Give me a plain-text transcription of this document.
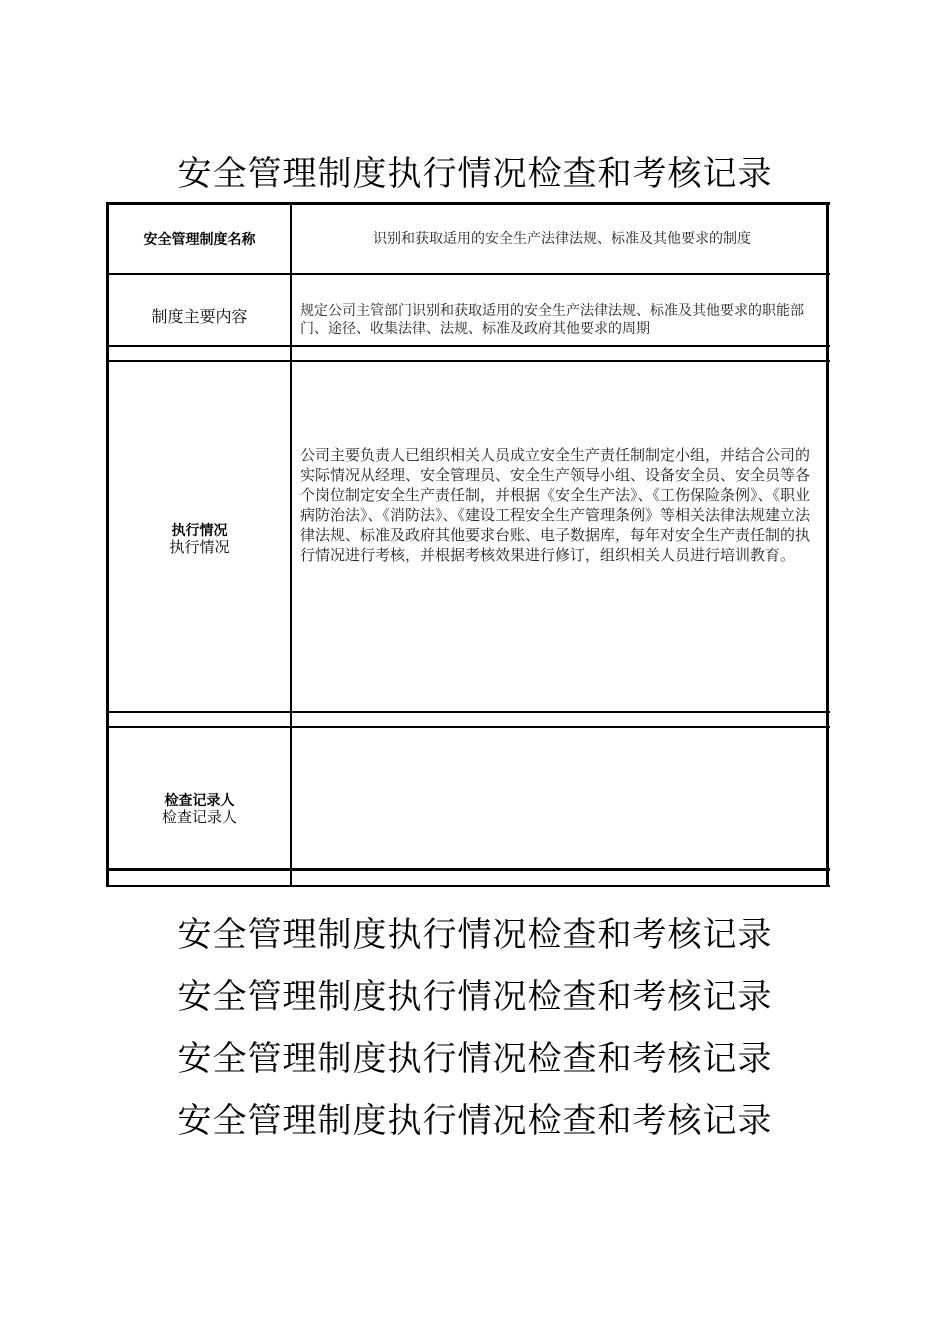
安全管理制度执行情况检查和考核记录
安全管理制度名称	识别和获取适用的安全生产法律法规、标准及其他要求的制度
制度主要内容	规定公司主管部门识别和获取适用的安全生产法律法规、标准及其他要求的职能部门、途径、收集法律、法规、标准及政府其他要求的周期
执行情况
执行情况
公司主要负责人已组织相关人员成立安全生产责任制制定小组，并结合公司的实际情况从经理、安全管理员、安全生产领导小组、设备安全员、安全员等各个岗位制定安全生产责任制，并根据《安全生产法》、《工伤保险条例》、《职业病防治法》、《消防法》、《建设工程安全生产管理条例》等相关法律法规建立法律法规、标准及政府其他要求台账、电子数据库，每年对安全生产责任制的执行情况进行考核，并根据考核效果进行修订，组织相关人员进行培训教育。
检查记录人
检查记录人
安全管理制度执行情况检查和考核记录
安全管理制度执行情况检查和考核记录
安全管理制度执行情况检查和考核记录
安全管理制度执行情况检查和考核记录
